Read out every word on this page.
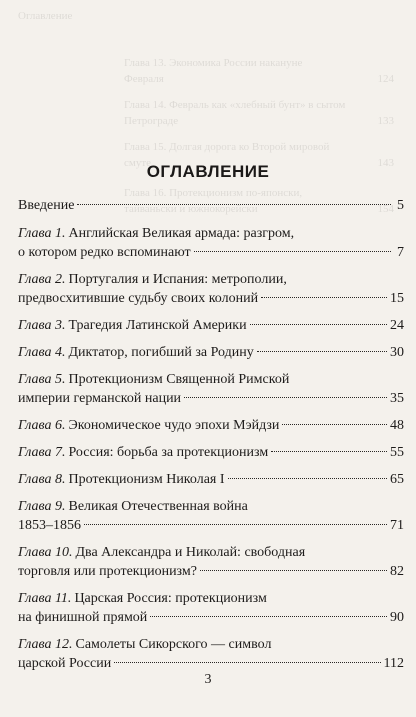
Оглавление
Глава 13. Экономика России накануне
Февраля	124
Глава 14. Февраль как «хлебный бунт» в сытом
Петрограде	133
Глава 15. Долгая дорога ко Второй мировой
смуте	143
Глава 16. Протекционизм по-японски,
тайваньски и южнокорейски	154
ОГЛАВЛЕНИЕ
Введение	5
Глава 1. Английская Великая армада: разгром,
о котором редко вспоминают	7
Глава 2. Португалия и Испания: метрополии,
предвосхитившие судьбу своих колоний	15
Глава 3. Трагедия Латинской Америки	24
Глава 4. Диктатор, погибший за Родину	30
Глава 5. Протекционизм Священной Римской
империи германской нации	35
Глава 6. Экономическое чудо эпохи Мэйдзи	48
Глава 7. Россия: борьба за протекционизм	55
Глава 8. Протекционизм Николая I	65
Глава 9. Великая Отечественная война
1853–1856	71
Глава 10. Два Александра и Николай: свободная
торговля или протекционизм?	82
Глава 11. Царская Россия: протекционизм
на финишной прямой	90
Глава 12. Самолеты Сикорского — символ
царской России	112
3
